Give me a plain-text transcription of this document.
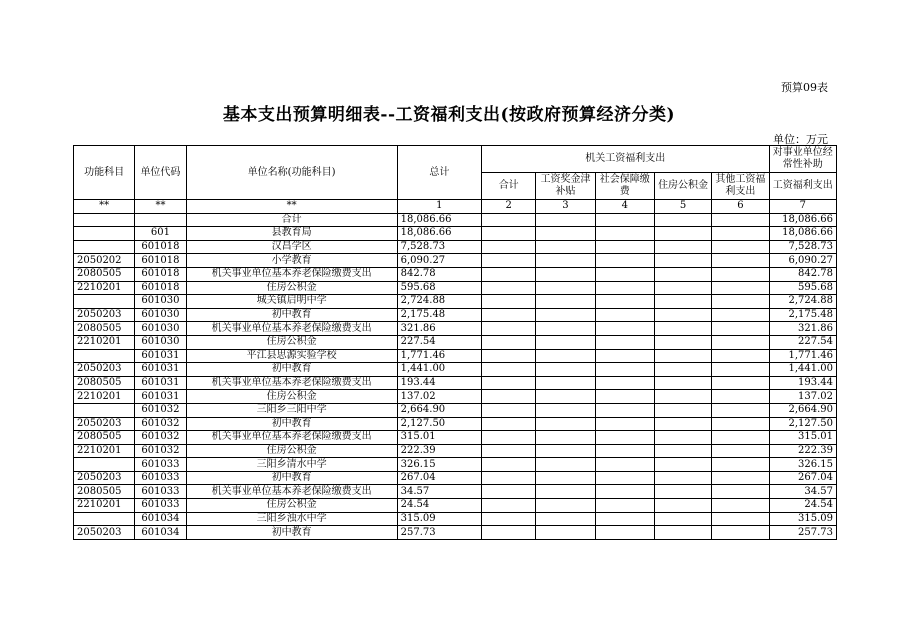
预算09表
基本支出预算明细表--工资福利支出(按政府预算经济分类)
单位：万元
功能科目	单位代码	单位名称(功能科目)	总计	机关工资福利支出					对事业单位经常性补助
				合计	工资奖金津补贴	社会保障缴费	住房公积金	其他工资福利支出	工资福利支出
**	**	**	1	2	3	4	5	6	7
		合计	18,086.66						18,086.66
	601	县教育局	18,086.66						18,086.66
	601018	汉昌学区	7,528.73						7,528.73
2050202	601018	小学教育	6,090.27						6,090.27
2080505	601018	机关事业单位基本养老保险缴费支出	842.78						842.78
2210201	601018	住房公积金	595.68						595.68
	601030	城关镇启明中学	2,724.88						2,724.88
2050203	601030	初中教育	2,175.48						2,175.48
2080505	601030	机关事业单位基本养老保险缴费支出	321.86						321.86
2210201	601030	住房公积金	227.54						227.54
	601031	平江县思源实验学校	1,771.46						1,771.46
2050203	601031	初中教育	1,441.00						1,441.00
2080505	601031	机关事业单位基本养老保险缴费支出	193.44						193.44
2210201	601031	住房公积金	137.02						137.02
	601032	三阳乡三阳中学	2,664.90						2,664.90
2050203	601032	初中教育	2,127.50						2,127.50
2080505	601032	机关事业单位基本养老保险缴费支出	315.01						315.01
2210201	601032	住房公积金	222.39						222.39
	601033	三阳乡清水中学	326.15						326.15
2050203	601033	初中教育	267.04						267.04
2080505	601033	机关事业单位基本养老保险缴费支出	34.57						34.57
2210201	601033	住房公积金	24.54						24.54
	601034	三阳乡浊水中学	315.09						315.09
2050203	601034	初中教育	257.73						257.73
